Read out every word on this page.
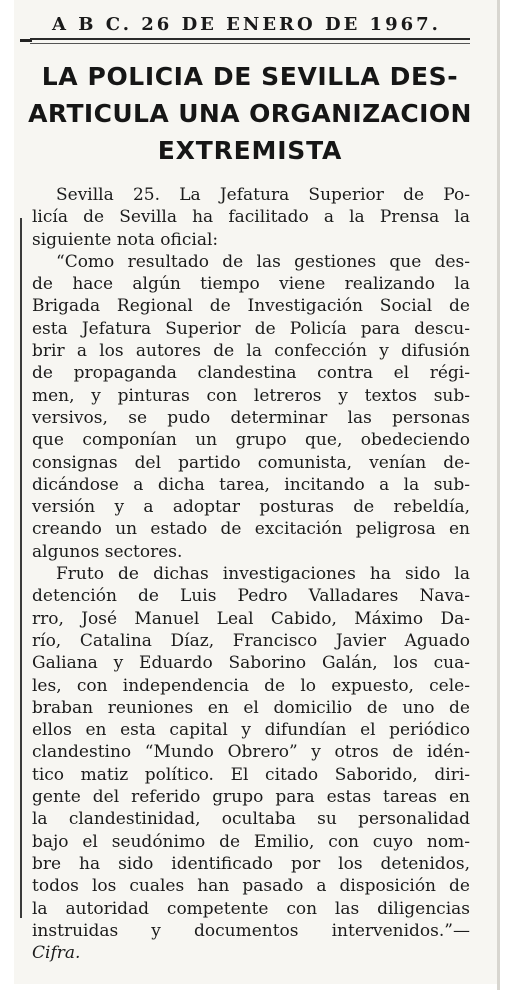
A B C. 26 DE ENERO DE 1967.
LA POLICIA DE SEVILLA DES-
ARTICULA UNA ORGANIZACION
EXTREMISTA
Sevilla 25. La Jefatura Superior de Po-
licía de Sevilla ha facilitado a la Prensa la
siguiente nota oficial:
“Como resultado de las gestiones que des-
de hace algún tiempo viene realizando la
Brigada Regional de Investigación Social de
esta Jefatura Superior de Policía para descu-
brir a los autores de la confección y difusión
de propaganda clandestina contra el régi-
men, y pinturas con letreros y textos sub-
versivos, se pudo determinar las personas
que componían un grupo que, obedeciendo
consignas del partido comunista, venían de-
dicándose a dicha tarea, incitando a la sub-
versión y a adoptar posturas de rebeldía,
creando un estado de excitación peligrosa en
algunos sectores.
Fruto de dichas investigaciones ha sido la
detención de Luis Pedro Valladares Nava-
rro, José Manuel Leal Cabido, Máximo Da-
río, Catalina Díaz, Francisco Javier Aguado
Galiana y Eduardo Saborino Galán, los cua-
les, con independencia de lo expuesto, cele-
braban reuniones en el domicilio de uno de
ellos en esta capital y difundían el periódico
clandestino “Mundo Obrero” y otros de idén-
tico matiz político. El citado Saborido, diri-
gente del referido grupo para estas tareas en
la clandestinidad, ocultaba su personalidad
bajo el seudónimo de Emilio, con cuyo nom-
bre ha sido identificado por los detenidos,
todos los cuales han pasado a disposición de
la autoridad competente con las diligencias
instruidas y documentos intervenidos.”—
Cifra.
